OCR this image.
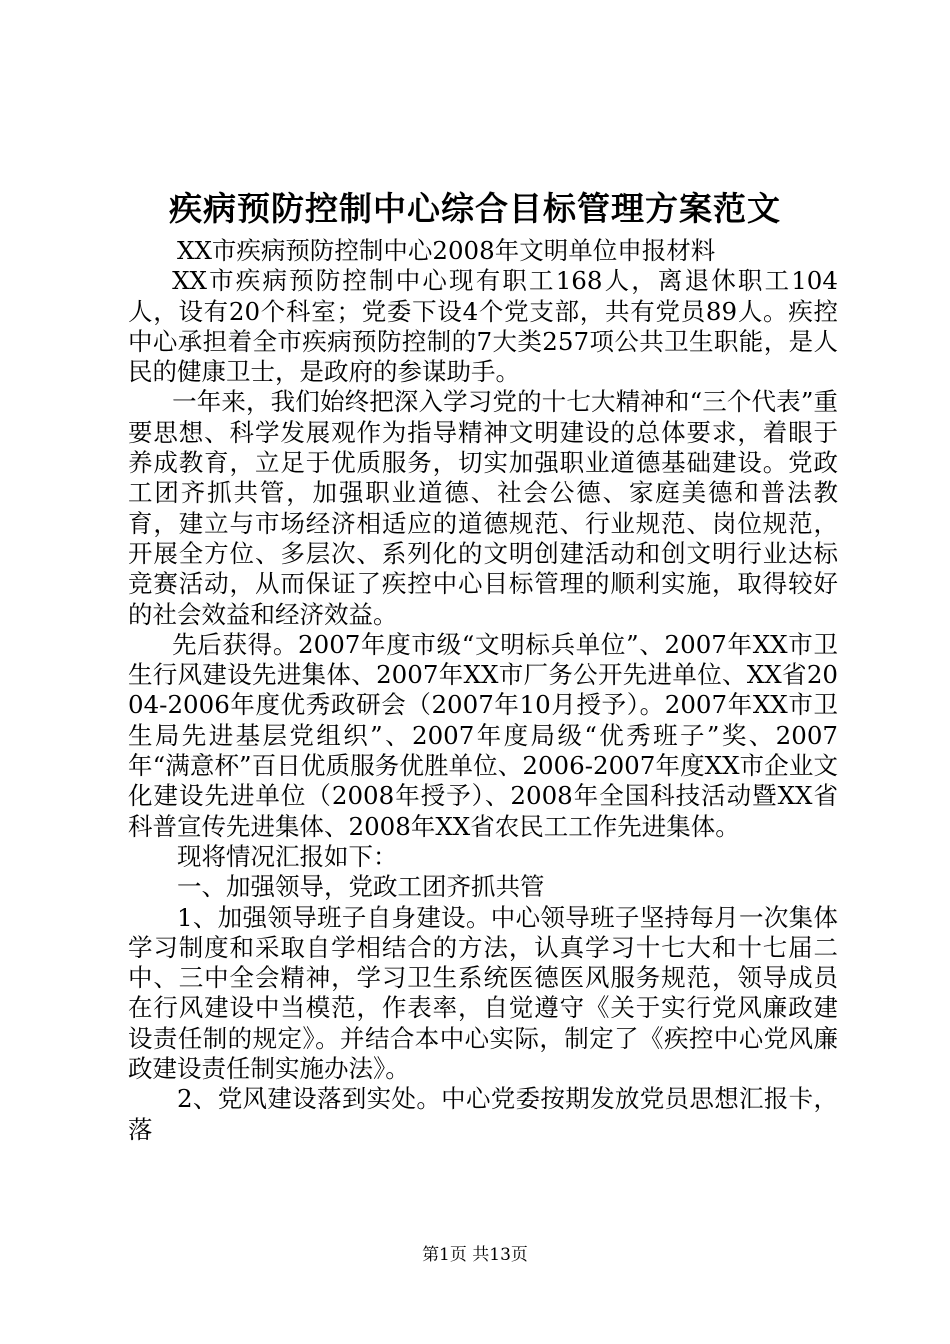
疾病预防控制中心综合目标管理方案范文

XX市疾病预防控制中心2008年文明单位申报材料

XX市疾病预防控制中心现有职工168人，离退休职工104人，设有20个科室；党委下设4个党支部，共有党员89人。疾控中心承担着全市疾病预防控制的7大类257项公共卫生职能，是人民的健康卫士，是政府的参谋助手。

一年来，我们始终把深入学习党的十七大精神和“三个代表”重要思想、科学发展观作为指导精神文明建设的总体要求，着眼于养成教育，立足于优质服务，切实加强职业道德基础建设。党政工团齐抓共管，加强职业道德、社会公德、家庭美德和普法教育，建立与市场经济相适应的道德规范、行业规范、岗位规范，开展全方位、多层次、系列化的文明创建活动和创文明行业达标竞赛活动，从而保证了疾控中心目标管理的顺利实施，取得较好的社会效益和经济效益。

先后获得。2007年度市级“文明标兵单位”、2007年XX市卫生行风建设先进集体、2007年XX市厂务公开先进单位、XX省2004-2006年度优秀政研会（2007年10月授予）。2007年XX市卫生局先进基层党组织”、2007年度局级“优秀班子”奖、2007年“满意杯”百日优质服务优胜单位、2006-2007年度XX市企业文化建设先进单位（2008年授予）、2008年全国科技活动暨XX省科普宣传先进集体、2008年XX省农民工工作先进集体。

现将情况汇报如下：

一、加强领导，党政工团齐抓共管

1、加强领导班子自身建设。中心领导班子坚持每月一次集体学习制度和采取自学相结合的方法，认真学习十七大和十七届二中、三中全会精神，学习卫生系统医德医风服务规范，领导成员在行风建设中当模范，作表率，自觉遵守《关于实行党风廉政建设责任制的规定》。并结合本中心实际，制定了《疾控中心党风廉政建设责任制实施办法》。

2、党风建设落到实处。中心党委按期发放党员思想汇报卡，落

第1页 共13页
